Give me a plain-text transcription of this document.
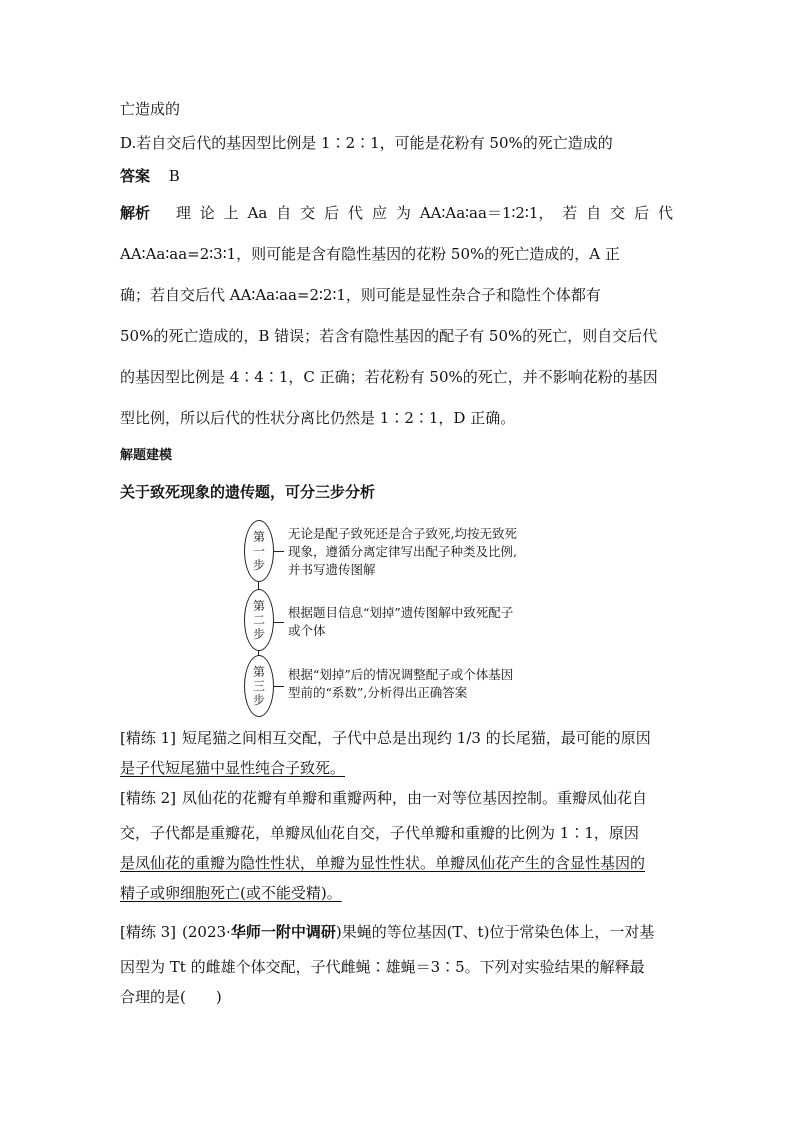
亡造成的
D.若自交后代的基因型比例是 1∶2∶1，可能是花粉有 50%的死亡造成的
答案 B
解析 理 论 上 Aa 自 交 后 代 应 为 AA∶Aa∶aa＝1∶2∶1， 若 自 交 后 代
AA∶Aa∶aa=2∶3∶1，则可能是含有隐性基因的花粉 50%的死亡造成的，A 正
确；若自交后代 AA∶Aa∶aa=2∶2∶1，则可能是显性杂合子和隐性个体都有
50%的死亡造成的，B 错误；若含有隐性基因的配子有 50%的死亡，则自交后代
的基因型比例是 4∶4∶1，C 正确；若花粉有 50%的死亡，并不影响花粉的基因
型比例，所以后代的性状分离比仍然是 1∶2∶1，D 正确。
解题建模
关于致死现象的遗传题，可分三步分析
第
一
步
无论是配子致死还是合子致死,均按无致死
现象，遵循分离定律写出配子种类及比例,
并书写遗传图解
第
二
步
根据题目信息“划掉”遗传图解中致死配子
或个体
第
三
步
根据“划掉”后的情况调整配子或个体基因
型前的“系数”,分析得出正确答案
[精练 1] 短尾猫之间相互交配，子代中总是出现约 1/3 的长尾猫，最可能的原因
是子代短尾猫中显性纯合子致死。
[精练 2] 凤仙花的花瓣有单瓣和重瓣两种，由一对等位基因控制。重瓣凤仙花自
交，子代都是重瓣花，单瓣凤仙花自交，子代单瓣和重瓣的比例为 1∶1，原因
是凤仙花的重瓣为隐性性状，单瓣为显性性状。单瓣凤仙花产生的含显性基因的
精子或卵细胞死亡(或不能受精)。
[精练 3] (2023·华师一附中调研)果蝇的等位基因(T、t)位于常染色体上，一对基
因型为 Tt 的雌雄个体交配，子代雌蝇∶雄蝇＝3∶5。下列对实验结果的解释最
合理的是(　　)
